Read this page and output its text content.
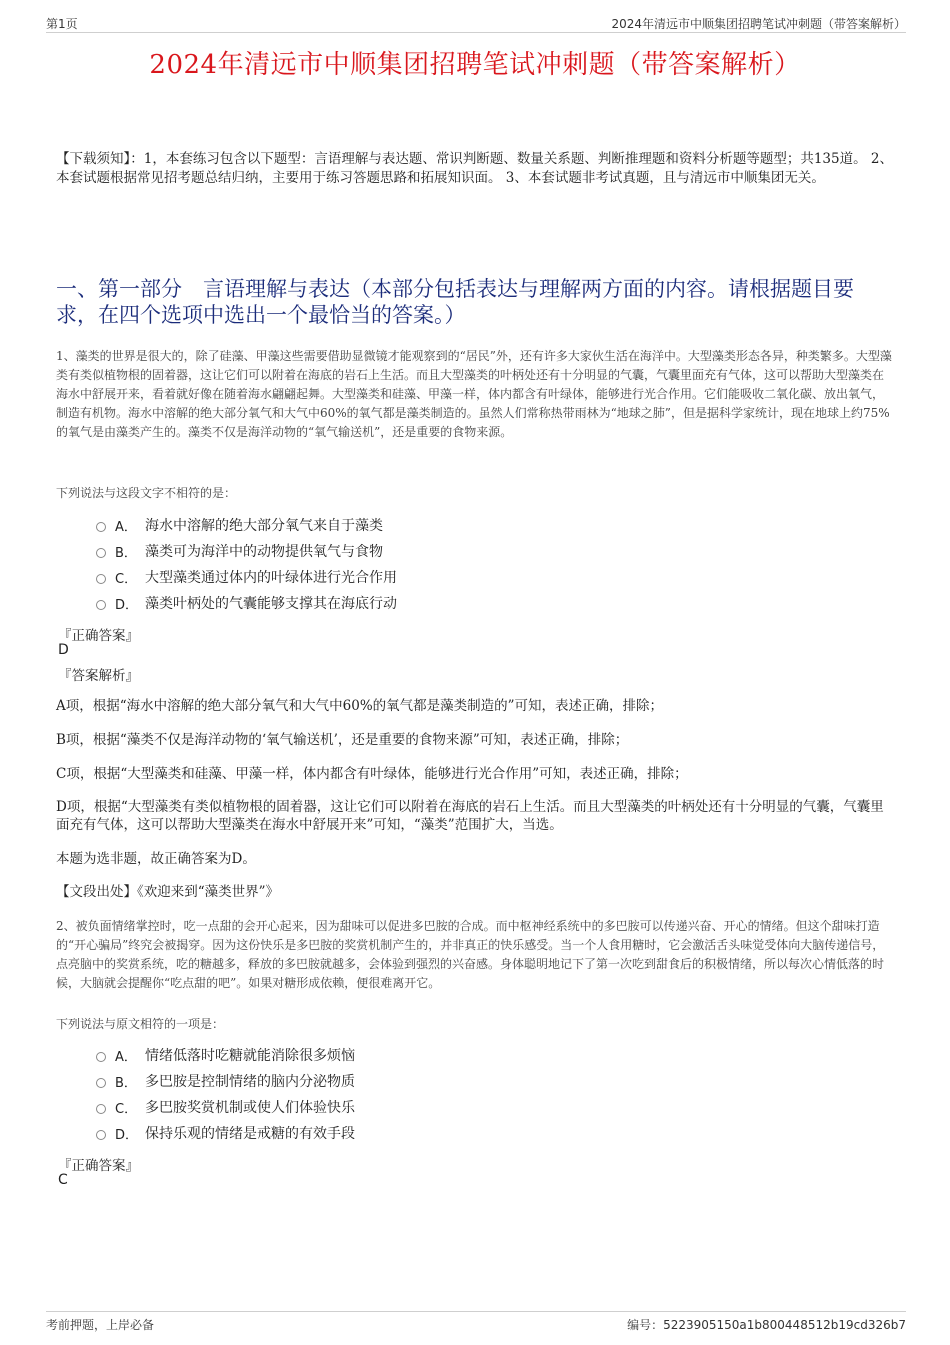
第1页	2024年清远市中顺集团招聘笔试冲刺题（带答案解析）
2024年清远市中顺集团招聘笔试冲刺题（带答案解析）
【下载须知】：1，本套练习包含以下题型：言语理解与表达题、常识判断题、数量关系题、判断推理题和资料分析题等题型；共135道。 2、本套试题根据常见招考题总结归纳，主要用于练习答题思路和拓展知识面。 3、本套试题非考试真题，且与清远市中顺集团无关。
一、第一部分　言语理解与表达（本部分包括表达与理解两方面的内容。请根据题目要求，在四个选项中选出一个最恰当的答案。）
1、藻类的世界是很大的，除了硅藻、甲藻这些需要借助显微镜才能观察到的“居民”外，还有许多大家伙生活在海洋中。大型藻类形态各异，种类繁多。大型藻类有类似植物根的固着器，这让它们可以附着在海底的岩石上生活。而且大型藻类的叶柄处还有十分明显的气囊，气囊里面充有气体，这可以帮助大型藻类在海水中舒展开来，看着就好像在随着海水翩翩起舞。大型藻类和硅藻、甲藻一样，体内都含有叶绿体，能够进行光合作用。它们能吸收二氧化碳、放出氧气，制造有机物。海水中溶解的绝大部分氧气和大气中60%的氧气都是藻类制造的。虽然人们常称热带雨林为“地球之肺”，但是据科学家统计，现在地球上约75%的氧气是由藻类产生的。藻类不仅是海洋动物的“氧气输送机”，还是重要的食物来源。
下列说法与这段文字不相符的是：
A． 海水中溶解的绝大部分氧气来自于藻类
B． 藻类可为海洋中的动物提供氧气与食物
C． 大型藻类通过体内的叶绿体进行光合作用
D． 藻类叶柄处的气囊能够支撑其在海底行动
『正确答案』
D
『答案解析』
A项，根据“海水中溶解的绝大部分氧气和大气中60%的氧气都是藻类制造的”可知，表述正确，排除；
B项，根据“藻类不仅是海洋动物的‘氧气输送机’，还是重要的食物来源”可知，表述正确，排除；
C项，根据“大型藻类和硅藻、甲藻一样，体内都含有叶绿体，能够进行光合作用”可知，表述正确，排除；
D项，根据“大型藻类有类似植物根的固着器，这让它们可以附着在海底的岩石上生活。而且大型藻类的叶柄处还有十分明显的气囊，气囊里面充有气体，这可以帮助大型藻类在海水中舒展开来”可知，“藻类”范围扩大，当选。
本题为选非题，故正确答案为D。
【文段出处】《欢迎来到“藻类世界”》
2、被负面情绪掌控时，吃一点甜的会开心起来，因为甜味可以促进多巴胺的合成。而中枢神经系统中的多巴胺可以传递兴奋、开心的情绪。但这个甜味打造的“开心骗局”终究会被揭穿。因为这份快乐是多巴胺的奖赏机制产生的，并非真正的快乐感受。当一个人食用糖时，它会激活舌头味觉受体向大脑传递信号，点亮脑中的奖赏系统，吃的糖越多，释放的多巴胺就越多，会体验到强烈的兴奋感。身体聪明地记下了第一次吃到甜食后的积极情绪，所以每次心情低落的时候，大脑就会提醒你“吃点甜的吧”。如果对糖形成依赖，便很难离开它。
下列说法与原文相符的一项是：
A． 情绪低落时吃糖就能消除很多烦恼
B． 多巴胺是控制情绪的脑内分泌物质
C． 多巴胺奖赏机制或使人们体验快乐
D． 保持乐观的情绪是戒糖的有效手段
『正确答案』
C
考前押题，上岸必备	编号：5223905150a1b800448512b19cd326b7
